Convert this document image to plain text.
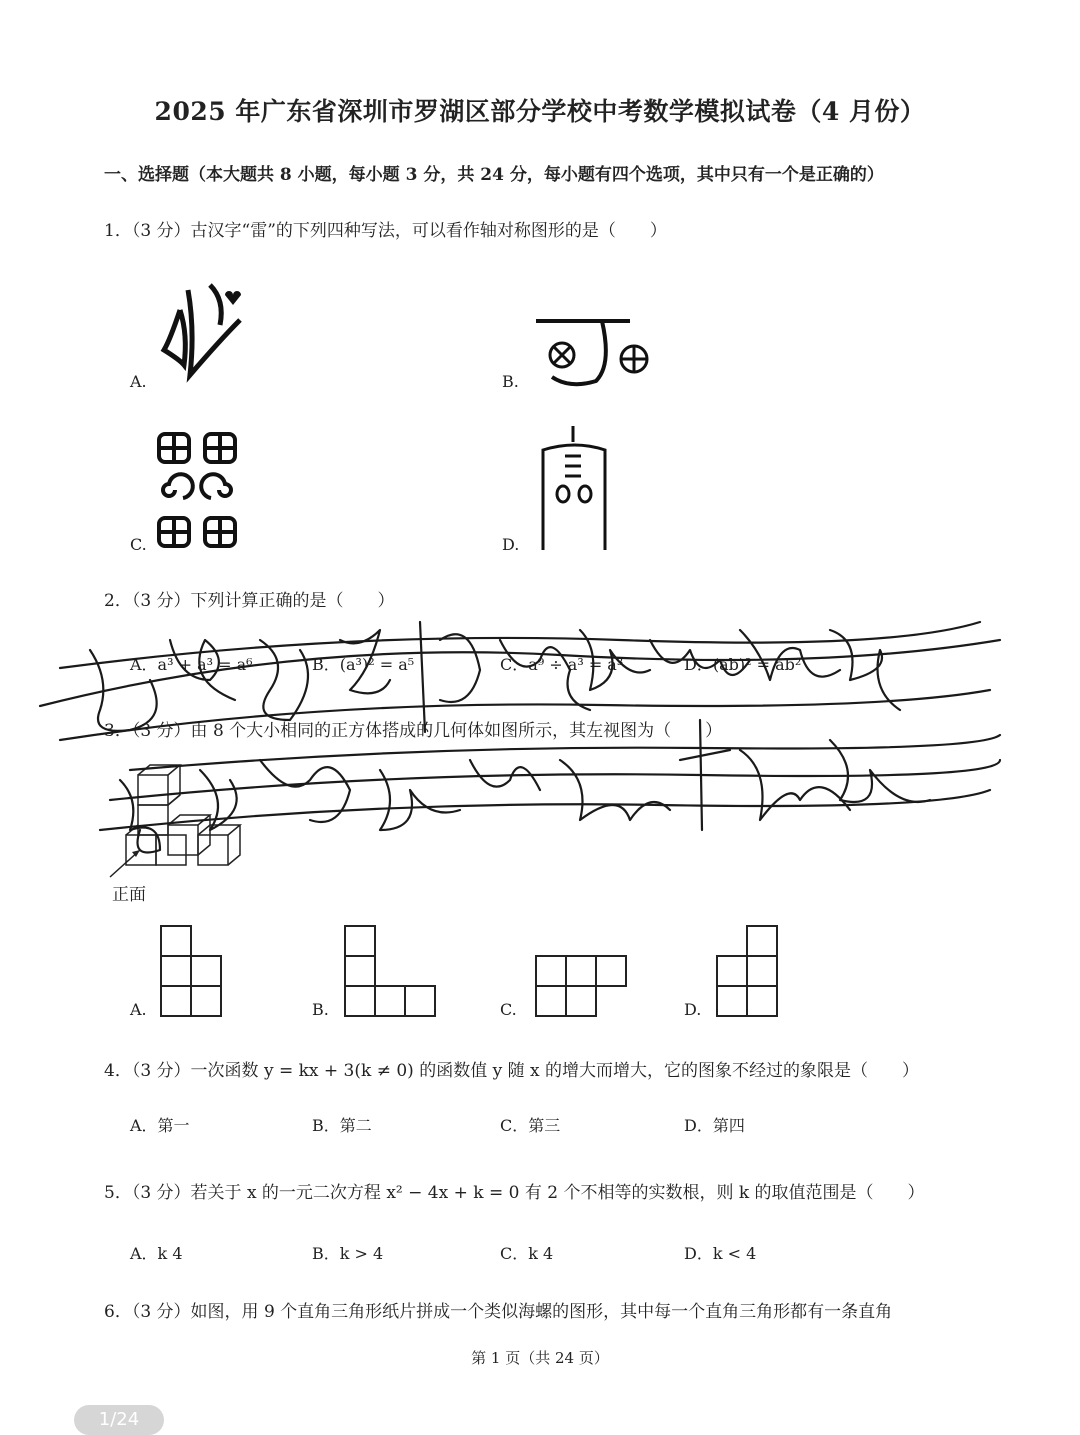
2025 年广东省深圳市罗湖区部分学校中考数学模拟试卷（4 月份）
一、选择题（本大题共 8 小题，每小题 3 分，共 24 分，每小题有四个选项，其中只有一个是正确的）
1．（3 分）古汉字“雷”的下列四种写法，可以看作轴对称图形的是（　　）
A.	B.
C.	D.
2．（3 分）下列计算正确的是（　　）
A．a³ + a³ = a⁶	B．(a³)² = a⁵	C．a⁹ ÷ a³ = a³	D．(ab)² = ab²
3．（3 分）由 8 个大小相同的正方体搭成的几何体如图所示，其左视图为（　　）
正面
A.	B.	C.	D.
4．（3 分）一次函数 y = kx + 3(k ≠ 0) 的函数值 y 随 x 的增大而增大，它的图象不经过的象限是（　　）
A．第一	B．第二	C．第三	D．第四
5．（3 分）若关于 x 的一元二次方程 x² − 4x + k = 0 有 2 个不相等的实数根，则 k 的取值范围是（　　）
A．k 4	B．k > 4	C．k 4	D．k < 4
6．（3 分）如图，用 9 个直角三角形纸片拼成一个类似海螺的图形，其中每一个直角三角形都有一条直角
第 1 页（共 24 页）
1/24
